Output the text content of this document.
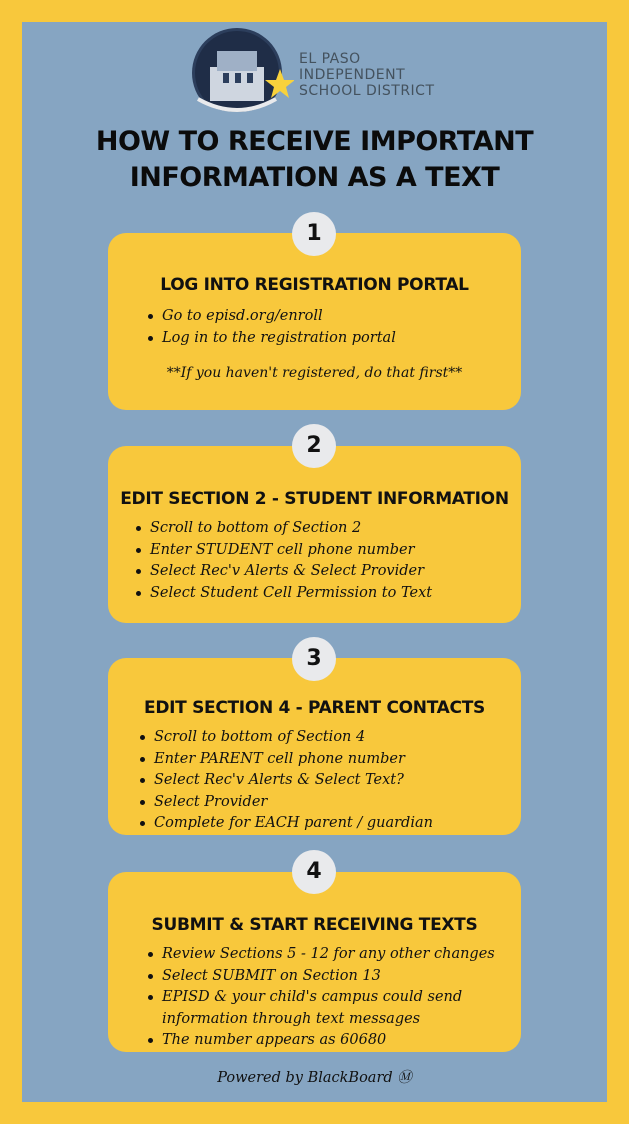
EL PASO
INDEPENDENT
SCHOOL DISTRICT
HOW TO RECEIVE IMPORTANT
INFORMATION AS A TEXT
LOG INTO REGISTRATION PORTAL
Go to episd.org/enroll
Log in to the registration portal
**If you haven't registered, do that first**
1
EDIT SECTION 2 - STUDENT INFORMATION
Scroll to bottom of Section 2
Enter STUDENT cell phone number
Select Rec'v Alerts & Select Provider
Select Student Cell Permission to Text
2
EDIT SECTION 4 - PARENT CONTACTS
Scroll to bottom of Section 4
Enter PARENT cell phone number
Select Rec'v Alerts & Select Text?
Select Provider
Complete for EACH parent / guardian
3
SUBMIT & START RECEIVING TEXTS
Review Sections 5 - 12 for any other changes
Select SUBMIT on Section 13
EPISD & your child's campus could send
information through text messages
The number appears as 60680
4
Powered by BlackBoard Ⓜ
